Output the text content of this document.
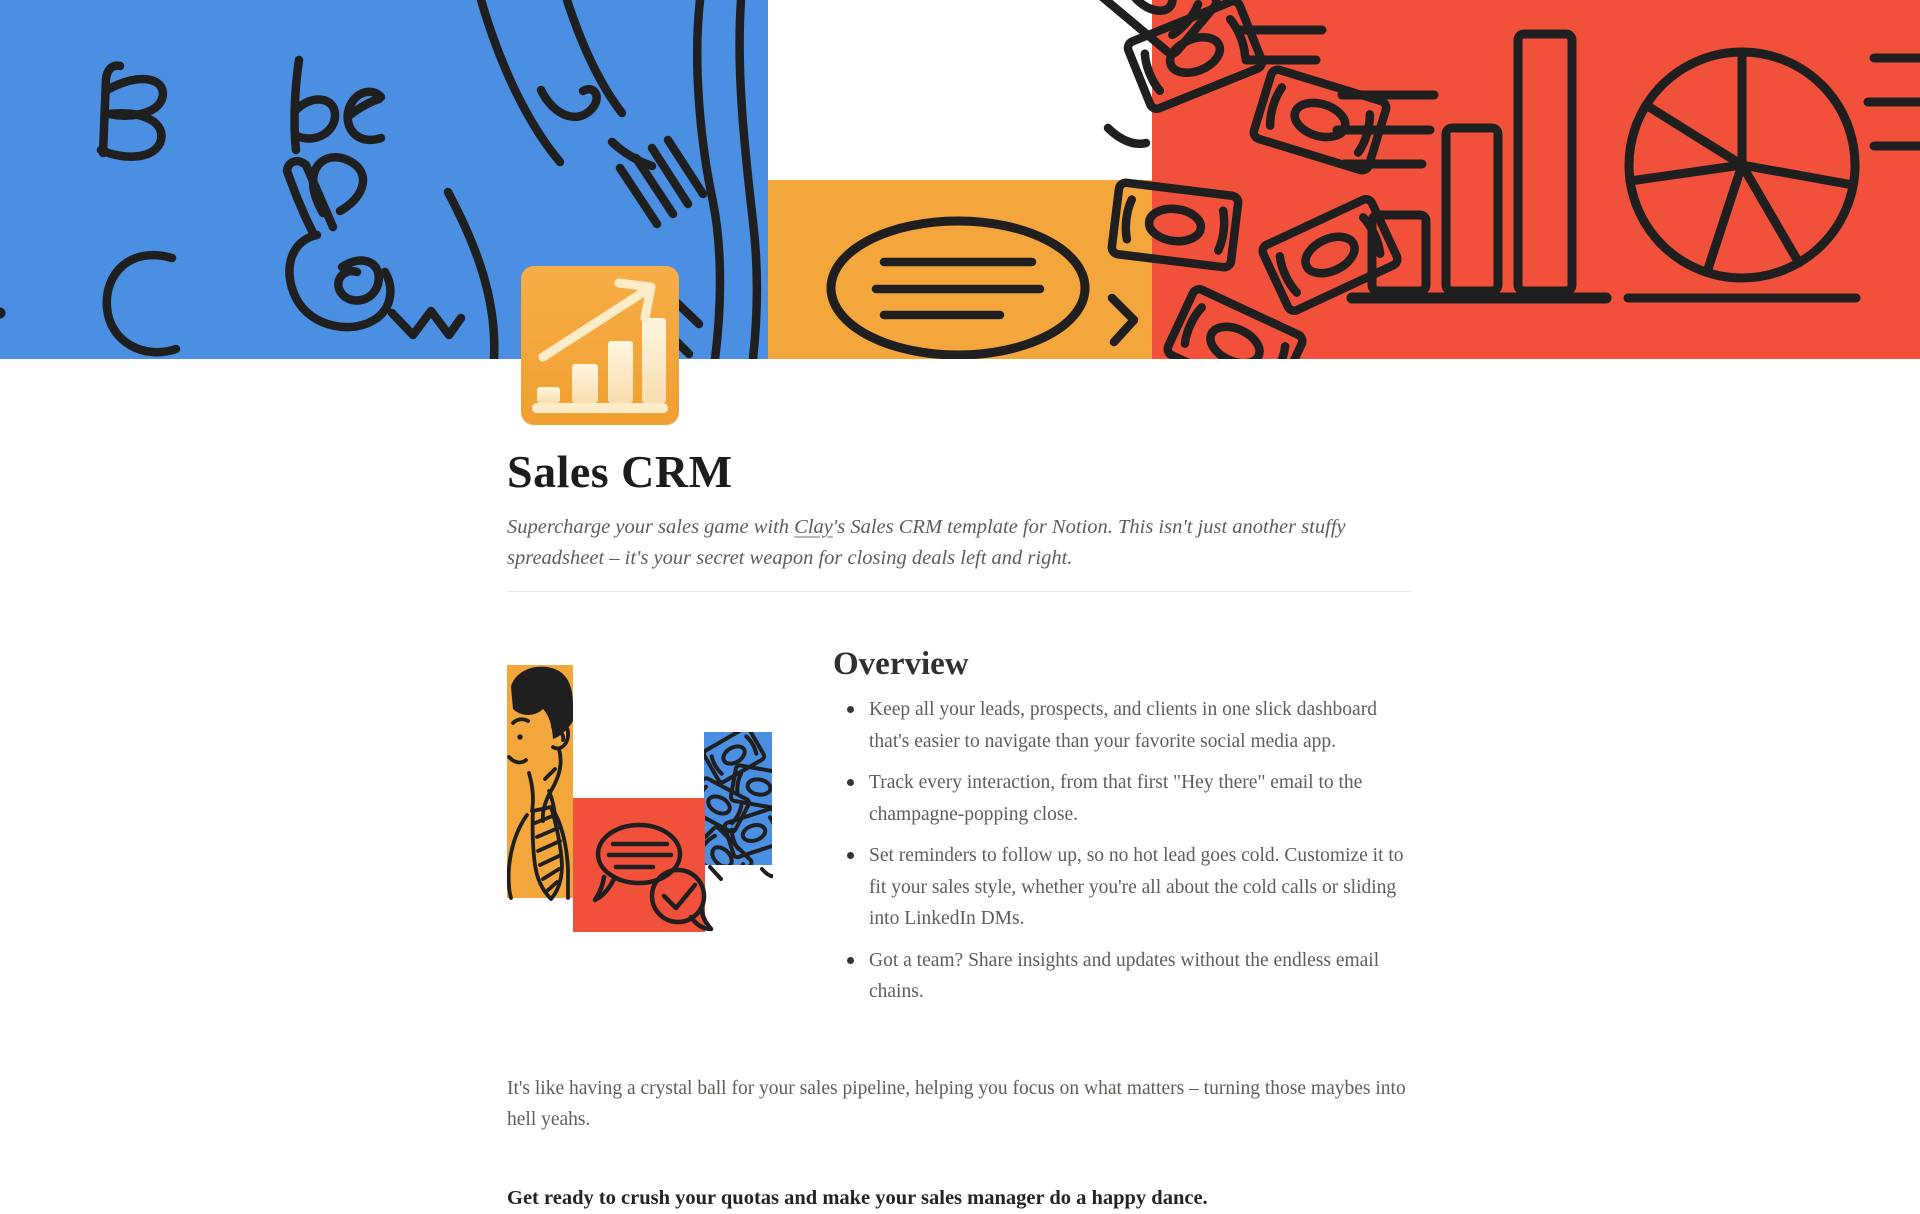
Sales CRM

Supercharge your sales game with Clay's Sales CRM template for Notion. This isn't just another stuffy spreadsheet – it's your secret weapon for closing deals left and right.

Overview
Keep all your leads, prospects, and clients in one slick dashboard that's easier to navigate than your favorite social media app.
Track every interaction, from that first "Hey there" email to the champagne-popping close.
Set reminders to follow up, so no hot lead goes cold. Customize it to fit your sales style, whether you're all about the cold calls or sliding into LinkedIn DMs.
Got a team? Share insights and updates without the endless email chains.

It's like having a crystal ball for your sales pipeline, helping you focus on what matters – turning those maybes into hell yeahs.

Get ready to crush your quotas and make your sales manager do a happy dance.
